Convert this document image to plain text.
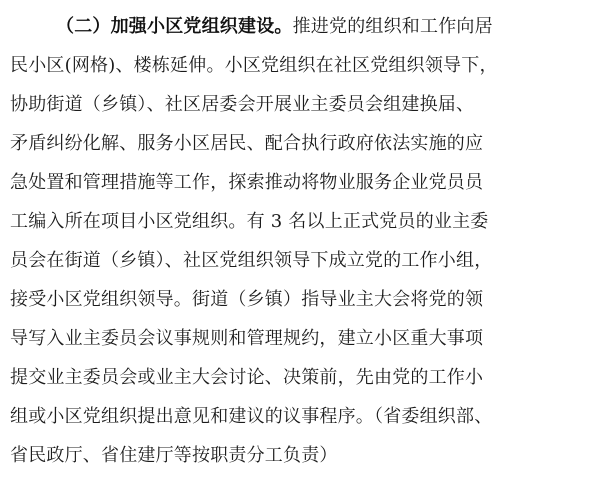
（二）加强小区党组织建设。推进党的组织和工作向居
民小区(网格)、楼栋延伸。小区党组织在社区党组织领导下，
协助街道（乡镇）、社区居委会开展业主委员会组建换届、
矛盾纠纷化解、服务小区居民、配合执行政府依法实施的应
急处置和管理措施等工作，探索推动将物业服务企业党员员
工编入所在项目小区党组织。有 3 名以上正式党员的业主委
员会在街道（乡镇）、社区党组织领导下成立党的工作小组，
接受小区党组织领导。街道（乡镇）指导业主大会将党的领
导写入业主委员会议事规则和管理规约，建立小区重大事项
提交业主委员会或业主大会讨论、决策前，先由党的工作小
组或小区党组织提出意见和建议的议事程序。（省委组织部、
省民政厅、省住建厅等按职责分工负责）
